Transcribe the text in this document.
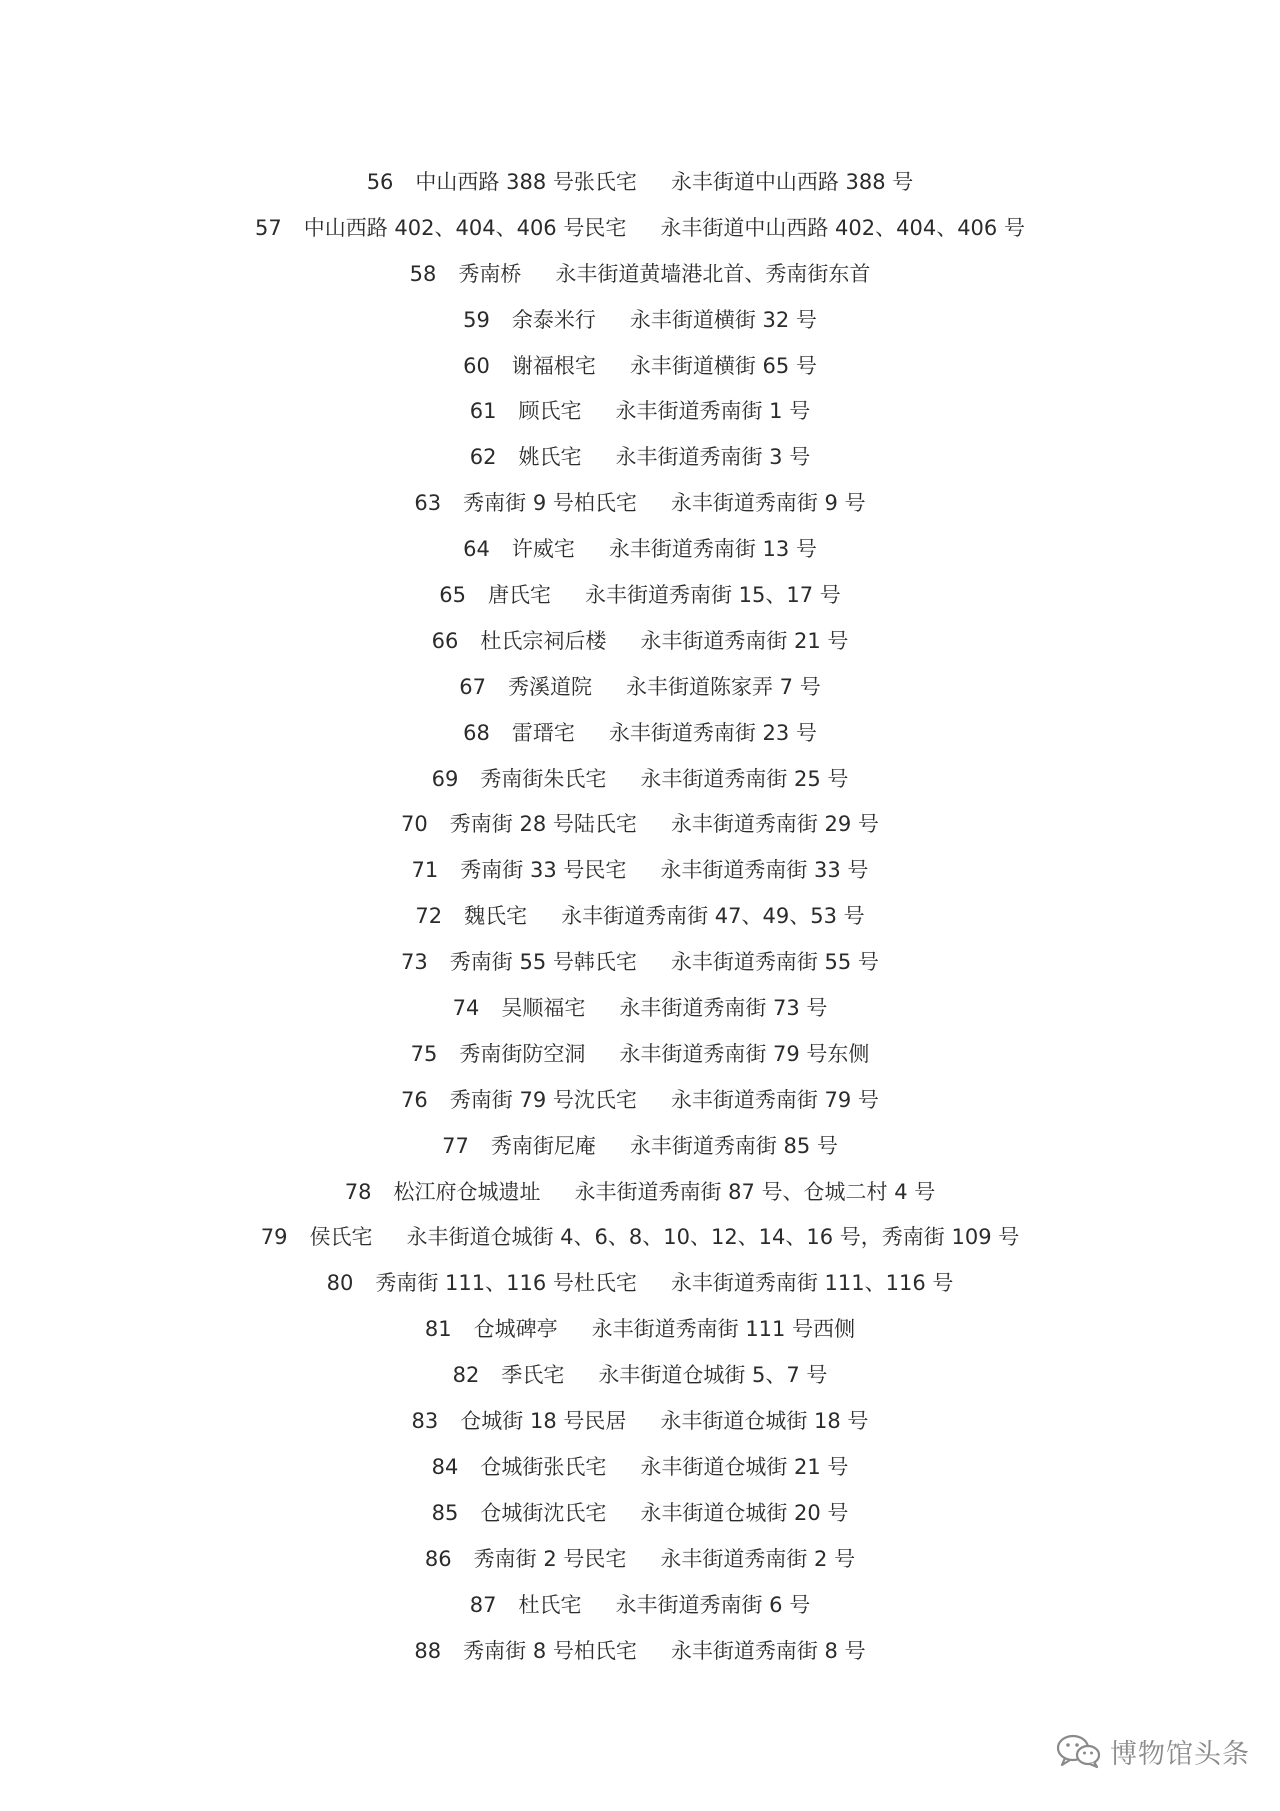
56 中山西路 388 号张氏宅 永丰街道中山西路 388 号
57 中山西路 402、404、406 号民宅 永丰街道中山西路 402、404、406 号
58 秀南桥 永丰街道黄墙港北首、秀南街东首
59 余泰米行 永丰街道横街 32 号
60 谢福根宅 永丰街道横街 65 号
61 顾氏宅 永丰街道秀南街 1 号
62 姚氏宅 永丰街道秀南街 3 号
63 秀南街 9 号柏氏宅 永丰街道秀南街 9 号
64 许威宅 永丰街道秀南街 13 号
65 唐氏宅 永丰街道秀南街 15、17 号
66 杜氏宗祠后楼 永丰街道秀南街 21 号
67 秀溪道院 永丰街道陈家弄 7 号
68 雷瑨宅 永丰街道秀南街 23 号
69 秀南街朱氏宅 永丰街道秀南街 25 号
70 秀南街 28 号陆氏宅 永丰街道秀南街 29 号
71 秀南街 33 号民宅 永丰街道秀南街 33 号
72 魏氏宅 永丰街道秀南街 47、49、53 号
73 秀南街 55 号韩氏宅 永丰街道秀南街 55 号
74 吴顺福宅 永丰街道秀南街 73 号
75 秀南街防空洞 永丰街道秀南街 79 号东侧
76 秀南街 79 号沈氏宅 永丰街道秀南街 79 号
77 秀南街尼庵 永丰街道秀南街 85 号
78 松江府仓城遗址 永丰街道秀南街 87 号、仓城二村 4 号
79 侯氏宅 永丰街道仓城街 4、6、8、10、12、14、16 号，秀南街 109 号
80 秀南街 111、116 号杜氏宅 永丰街道秀南街 111、116 号
81 仓城碑亭 永丰街道秀南街 111 号西侧
82 季氏宅 永丰街道仓城街 5、7 号
83 仓城街 18 号民居 永丰街道仓城街 18 号
84 仓城街张氏宅 永丰街道仓城街 21 号
85 仓城街沈氏宅 永丰街道仓城街 20 号
86 秀南街 2 号民宅 永丰街道秀南街 2 号
87 杜氏宅 永丰街道秀南街 6 号
88 秀南街 8 号柏氏宅 永丰街道秀南街 8 号
博物馆头条
